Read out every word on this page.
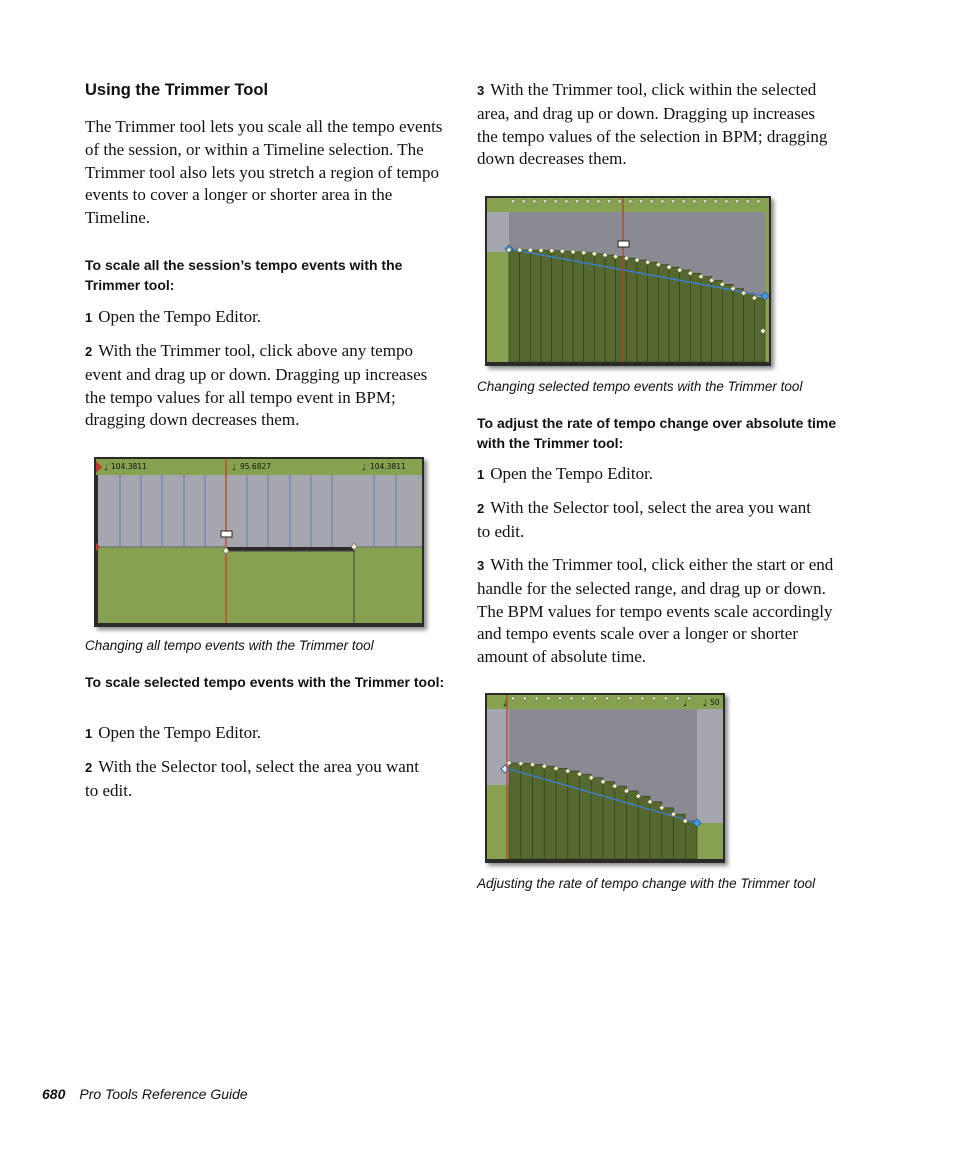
Using the Trimmer Tool

The Trimmer tool lets you scale all the tempo events of the session, or within a Timeline selection. The Trimmer tool also lets you stretch a region of tempo events to cover a longer or shorter area in the Timeline.

To scale all the session’s tempo events with the Trimmer tool:

1 Open the Tempo Editor.

2 With the Trimmer tool, click above any tempo event and drag up or down. Dragging up increases the tempo values for all tempo event in BPM; dragging down decreases them.

♩	♩	♩
104.3811	95.6827	104.3811

Changing all tempo events with the Trimmer tool

To scale selected tempo events with the Trimmer tool:

1 Open the Tempo Editor.

2 With the Selector tool, select the area you want to edit.

3 With the Trimmer tool, click within the selected area, and drag up or down. Dragging up increases the tempo values of the selection in BPM; dragging down decreases them.

Changing selected tempo events with the Trimmer tool

To adjust the rate of tempo change over absolute time with the Trimmer tool:

1 Open the Tempo Editor.

2 With the Selector tool, select the area you want to edit.

3 With the Trimmer tool, click either the start or end handle for the selected range, and drag up or down. The BPM values for tempo events scale accordingly and tempo events scale over a longer or shorter amount of absolute time.

♩	♩ ♩ 50

Adjusting the rate of tempo change with the Trimmer tool

680 Pro Tools Reference Guide
